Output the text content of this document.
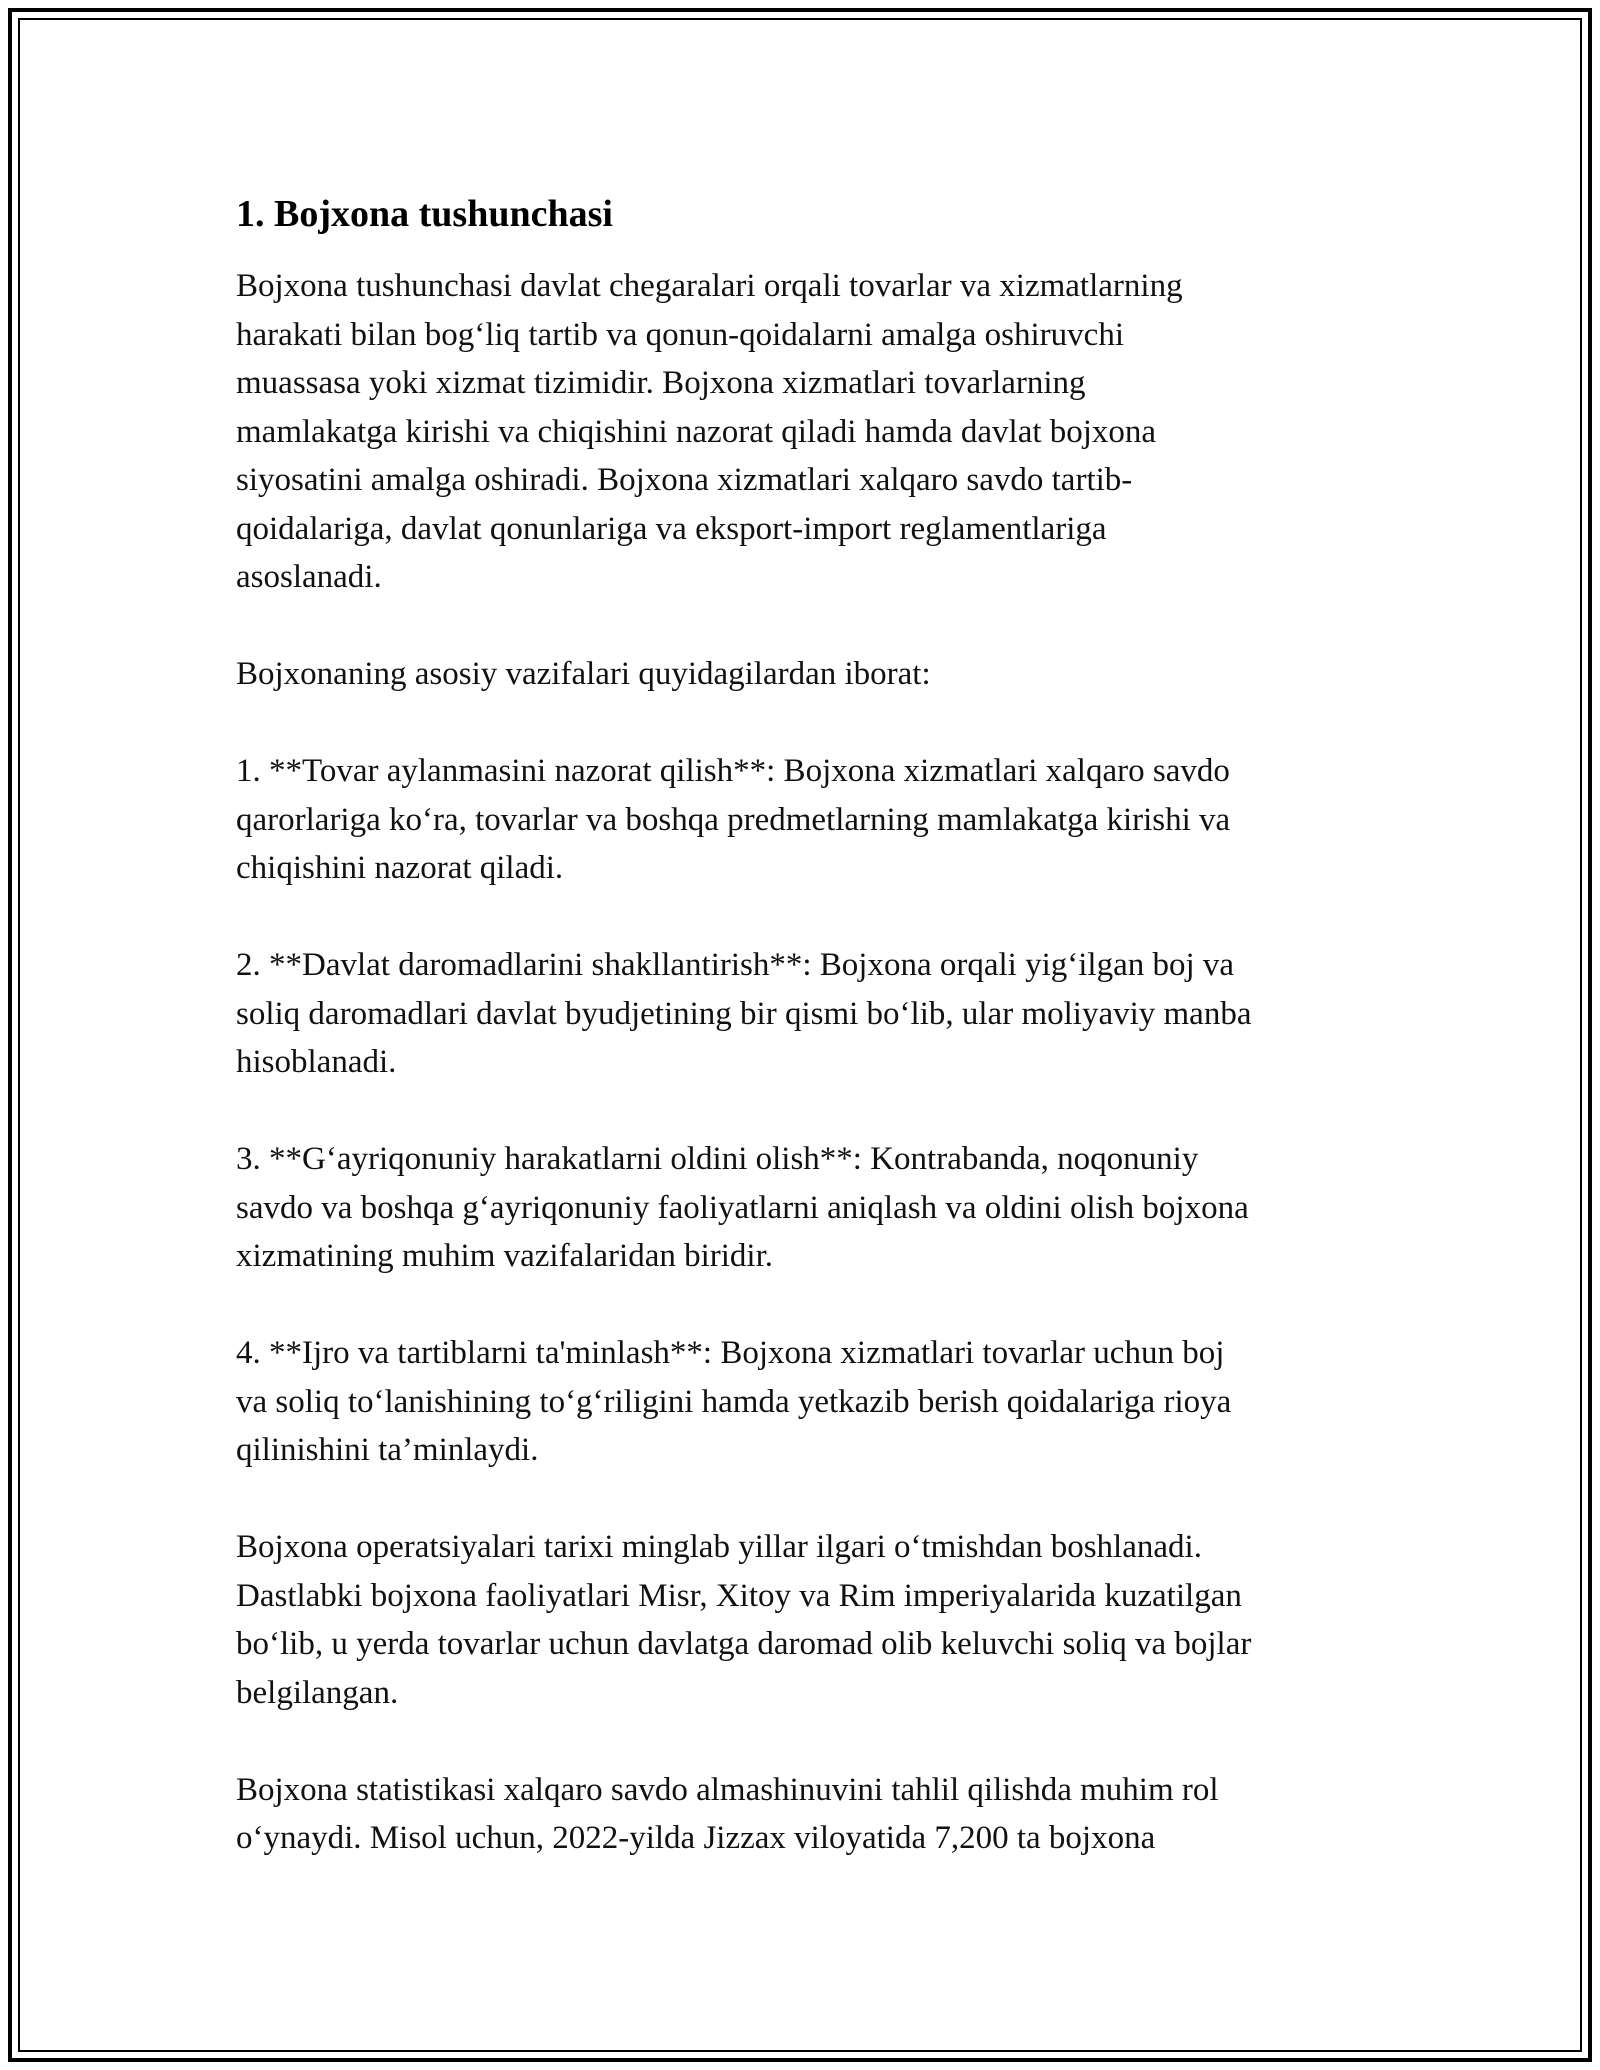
1. Bojxona tushunchasi
Bojxona tushunchasi davlat chegaralari orqali tovarlar va xizmatlarning
harakati bilan bog‘liq tartib va qonun-qoidalarni amalga oshiruvchi
muassasa yoki xizmat tizimidir. Bojxona xizmatlari tovarlarning
mamlakatga kirishi va chiqishini nazorat qiladi hamda davlat bojxona
siyosatini amalga oshiradi. Bojxona xizmatlari xalqaro savdo tartib-
qoidalariga, davlat qonunlariga va eksport-import reglamentlariga
asoslanadi.

Bojxonaning asosiy vazifalari quyidagilardan iborat:

1. **Tovar aylanmasini nazorat qilish**: Bojxona xizmatlari xalqaro savdo
qarorlariga ko‘ra, tovarlar va boshqa predmetlarning mamlakatga kirishi va
chiqishini nazorat qiladi.

2. **Davlat daromadlarini shakllantirish**: Bojxona orqali yig‘ilgan boj va
soliq daromadlari davlat byudjetining bir qismi bo‘lib, ular moliyaviy manba
hisoblanadi.

3. **G‘ayriqonuniy harakatlarni oldini olish**: Kontrabanda, noqonuniy
savdo va boshqa g‘ayriqonuniy faoliyatlarni aniqlash va oldini olish bojxona
xizmatining muhim vazifalaridan biridir.

4. **Ijro va tartiblarni ta'minlash**: Bojxona xizmatlari tovarlar uchun boj
va soliq to‘lanishining to‘g‘riligini hamda yetkazib berish qoidalariga rioya
qilinishini ta’minlaydi.

Bojxona operatsiyalari tarixi minglab yillar ilgari o‘tmishdan boshlanadi.
Dastlabki bojxona faoliyatlari Misr, Xitoy va Rim imperiyalarida kuzatilgan
bo‘lib, u yerda tovarlar uchun davlatga daromad olib keluvchi soliq va bojlar
belgilangan.

Bojxona statistikasi xalqaro savdo almashinuvini tahlil qilishda muhim rol
o‘ynaydi. Misol uchun, 2022-yilda Jizzax viloyatida 7,200 ta bojxona
